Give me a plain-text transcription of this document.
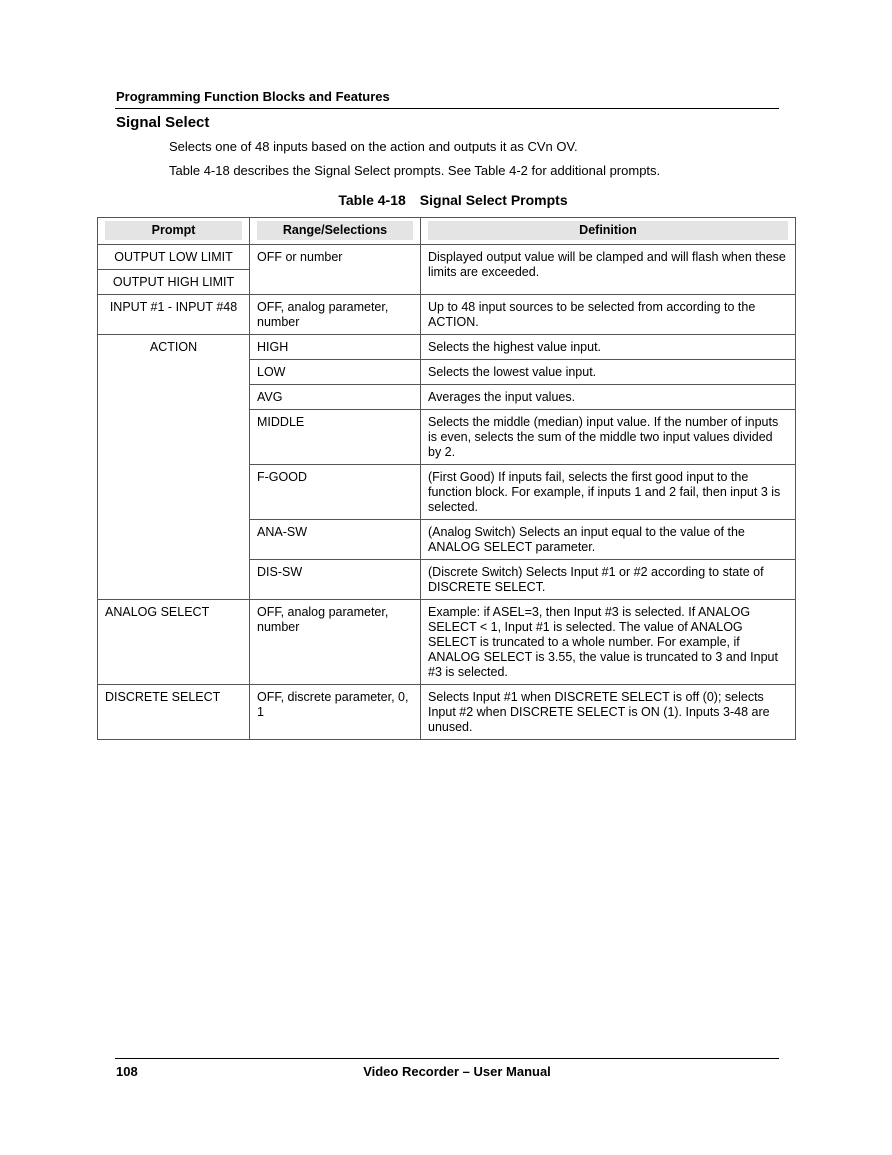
Programming Function Blocks and Features
Signal Select
Selects one of 48 inputs based on the action and outputs it as CVn OV.
Table 4-18 describes the Signal Select prompts. See Table 4-2 for additional prompts.
Table 4-18 Signal Select Prompts
Prompt	Range/Selections	Definition

OUTPUT LOW LIMIT	OFF or number	Displayed output value will be clamped and will flash when these limits are exceeded.
OUTPUT HIGH LIMIT		
INPUT #1 - INPUT #48	OFF, analog parameter, number	Up to 48 input sources to be selected from according to the ACTION.
ACTION	HIGH	Selects the highest value input.
	LOW	Selects the lowest value input.
	AVG	Averages the input values.
	MIDDLE	Selects the middle (median) input value. If the number of inputs is even, selects the sum of the middle two input values divided by 2.
	F-GOOD	(First Good) If inputs fail, selects the first good input to the function block. For example, if inputs 1 and 2 fail, then input 3 is selected.
	ANA-SW	(Analog Switch) Selects an input equal to the value of the ANALOG SELECT parameter.
	DIS-SW	(Discrete Switch) Selects Input #1 or #2 according to state of DISCRETE SELECT.
ANALOG SELECT	OFF, analog parameter, number	Example: if ASEL=3, then Input #3 is selected. If ANALOG SELECT < 1, Input #1 is selected. The value of ANALOG SELECT is truncated to a whole number. For example, if ANALOG SELECT is 3.55, the value is truncated to 3 and Input #3 is selected.
DISCRETE SELECT	OFF, discrete parameter, 0, 1	Selects Input #1 when DISCRETE SELECT is off (0); selects Input #2 when DISCRETE SELECT is ON (1). Inputs 3-48 are unused.
108	Video Recorder – User Manual
